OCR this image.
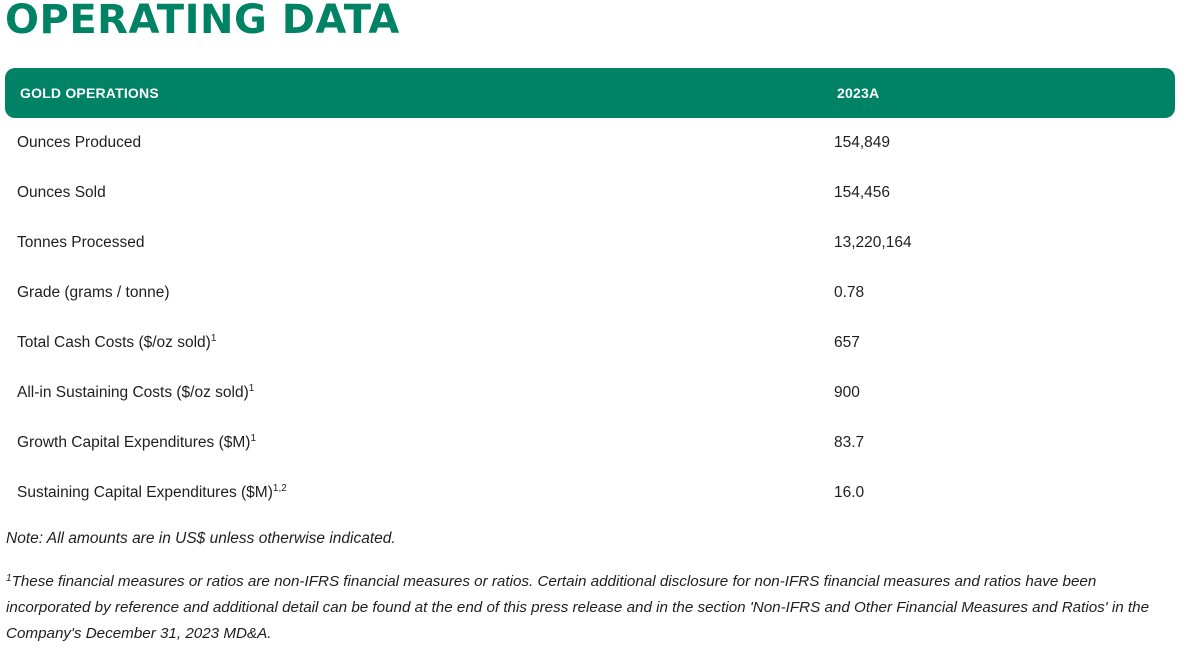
OPERATING DATA
GOLD OPERATIONS	2023A
Ounces Produced	154,849
Ounces Sold	154,456
Tonnes Processed	13,220,164
Grade (grams / tonne)	0.78
Total Cash Costs ($/oz sold)$^1$	657
All-in Sustaining Costs ($/oz sold)$^1$	900
Growth Capital Expenditures ($M)$^1$	83.7
Sustaining Capital Expenditures ($M)$^{1,2}$	16.0

Note: All amounts are in US$ unless otherwise indicated.

$^1$These financial measures or ratios are non-IFRS financial measures or ratios. Certain additional disclosure for non-IFRS financial measures and ratios have been incorporated by reference and additional detail can be found at the end of this press release and in the section 'Non-IFRS and Other Financial Measures and Ratios' in the Company's December 31, 2023 MD&A.
